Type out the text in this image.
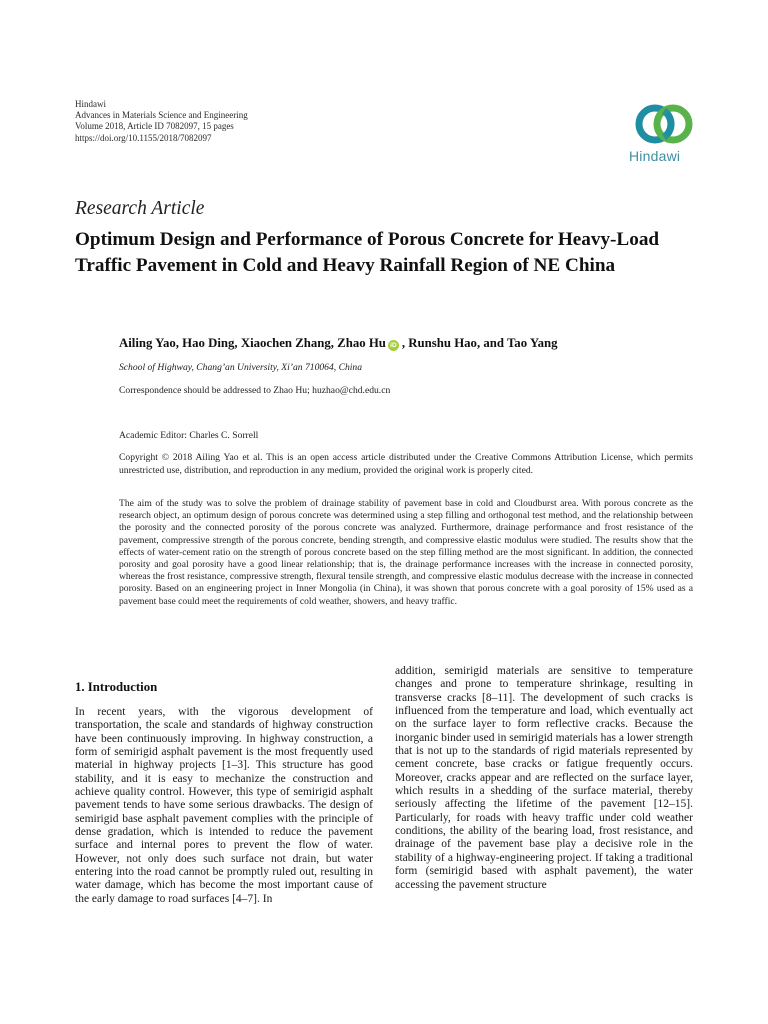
Hindawi
Advances in Materials Science and Engineering
Volume 2018, Article ID 7082097, 15 pages
https://doi.org/10.1155/2018/7082097
Hindawi
Research Article
Optimum Design and Performance of Porous Concrete for Heavy-Load Traffic Pavement in Cold and Heavy Rainfall Region of NE China
Ailing Yao, Hao Ding, Xiaochen Zhang, Zhao Hu iD , Runshu Hao, and Tao Yang
School of Highway, Chang’an University, Xi’an 710064, China
Correspondence should be addressed to Zhao Hu; huzhao@chd.edu.cn
Academic Editor: Charles C. Sorrell

Copyright © 2018 Ailing Yao et al. This is an open access article distributed under the Creative Commons Attribution License, which permits unrestricted use, distribution, and reproduction in any medium, provided the original work is properly cited.

The aim of the study was to solve the problem of drainage stability of pavement base in cold and Cloudburst area. With porous concrete as the research object, an optimum design of porous concrete was determined using a step filling and orthogonal test method, and the relationship between the porosity and the connected porosity of the porous concrete was analyzed. Furthermore, drainage performance and frost resistance of the pavement, compressive strength of the porous concrete, bending strength, and compressive elastic modulus were studied. The results show that the effects of water-cement ratio on the strength of porous concrete based on the step filling method are the most significant. In addition, the connected porosity and goal porosity have a good linear relationship; that is, the drainage performance increases with the increase in connected porosity, whereas the frost resistance, compressive strength, flexural tensile strength, and compressive elastic modulus decrease with the increase in connected porosity. Based on an engineering project in Inner Mongolia (in China), it was shown that porous concrete with a goal porosity of 15% used as a pavement base could meet the requirements of cold weather, showers, and heavy traffic.

1. Introduction

In recent years, with the vigorous development of transportation, the scale and standards of highway construction have been continuously improving. In highway construction, a form of semirigid asphalt pavement is the most frequently used material in highway projects [1–3]. This structure has good stability, and it is easy to mechanize the construction and achieve quality control. However, this type of semirigid asphalt pavement tends to have some serious drawbacks. The design of semirigid base asphalt pavement complies with the principle of dense gradation, which is intended to reduce the pavement surface and internal pores to prevent the flow of water. However, not only does such surface not drain, but water entering into the road cannot be promptly ruled out, resulting in water damage, which has become the most important cause of the early damage to road surfaces [4–7]. In

addition, semirigid materials are sensitive to temperature changes and prone to temperature shrinkage, resulting in transverse cracks [8–11]. The development of such cracks is influenced from the temperature and load, which eventually act on the surface layer to form reflective cracks. Because the inorganic binder used in semirigid materials has a lower strength that is not up to the standards of rigid materials represented by cement concrete, base cracks or fatigue frequently occurs. Moreover, cracks appear and are reflected on the surface layer, which results in a shedding of the surface material, thereby seriously affecting the lifetime of the pavement [12–15]. Particularly, for roads with heavy traffic under cold weather conditions, the ability of the bearing load, frost resistance, and drainage of the pavement base play a decisive role in the stability of a highway-engineering project. If taking a traditional form (semirigid based with asphalt pavement), the water accessing the pavement structure
